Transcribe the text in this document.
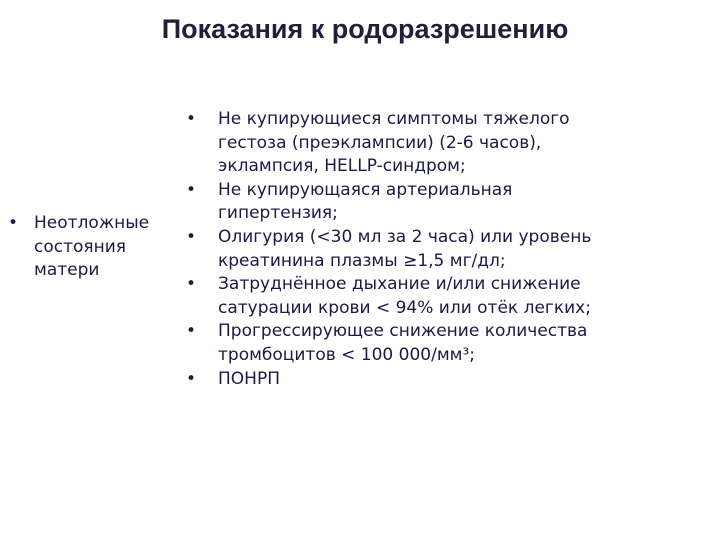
Показания к родоразрешению
• Неотложные
состояния
матери
•	Не купирующиеся симптомы тяжелого
гестоза (преэклампсии) (2-6 часов),
эклампсия, HELLP-синдром;
•	Не купирующаяся артериальная
гипертензия;
•	Олигурия (<30 мл за 2 часа) или уровень
креатинина плазмы ≥1,5 мг/дл;
•	Затруднённое дыхание и/или снижение
сатурации крови < 94% или отёк легких;
•	Прогрессирующее снижение количества
тромбоцитов < 100 000/мм³;
•	ПОНРП
